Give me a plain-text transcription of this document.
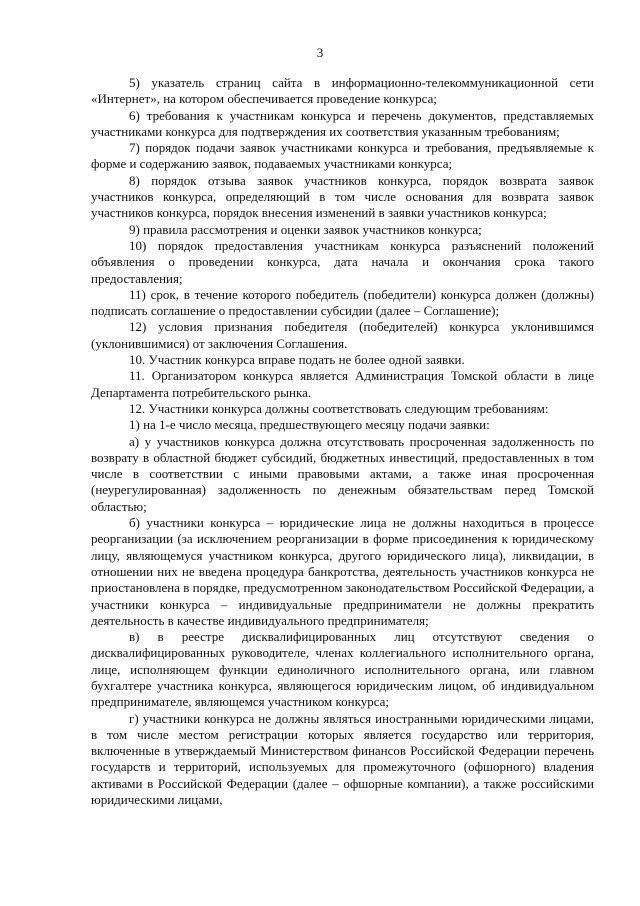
3

5) указатель страниц сайта в информационно-телекоммуникационной сети «Интернет», на котором обеспечивается проведение конкурса;

6) требования к участникам конкурса и перечень документов, представляемых участниками конкурса для подтверждения их соответствия указанным требованиям;

7) порядок подачи заявок участниками конкурса и требования, предъявляемые к форме и содержанию заявок, подаваемых участниками конкурса;

8) порядок отзыва заявок участников конкурса, порядок возврата заявок участников конкурса, определяющий в том числе основания для возврата заявок участников конкурса, порядок внесения изменений в заявки участников конкурса;

9) правила рассмотрения и оценки заявок участников конкурса;

10) порядок предоставления участникам конкурса разъяснений положений объявления о проведении конкурса, дата начала и окончания срока такого предоставления;

11) срок, в течение которого победитель (победители) конкурса должен (должны) подписать соглашение о предоставлении субсидии (далее – Соглашение);

12) условия признания победителя (победителей) конкурса уклонившимся (уклонившимися) от заключения Соглашения.

10. Участник конкурса вправе подать не более одной заявки.

11. Организатором конкурса является Администрация Томской области в лице Департамента потребительского рынка.

12. Участники конкурса должны соответствовать следующим требованиям:

1) на 1-е число месяца, предшествующего месяцу подачи заявки:

а) у участников конкурса должна отсутствовать просроченная задолженность по возврату в областной бюджет субсидий, бюджетных инвестиций, предоставленных в том числе в соответствии с иными правовыми актами, а также иная просроченная (неурегулированная) задолженность по денежным обязательствам перед Томской областью;

б) участники конкурса – юридические лица не должны находиться в процессе реорганизации (за исключением реорганизации в форме присоединения к юридическому лицу, являющемуся участником конкурса, другого юридического лица), ликвидации, в отношении них не введена процедура банкротства, деятельность участников конкурса не приостановлена в порядке, предусмотренном законодательством Российской Федерации, а участники конкурса – индивидуальные предприниматели не должны прекратить деятельность в качестве индивидуального предпринимателя;

в) в реестре дисквалифицированных лиц отсутствуют сведения о дисквалифицированных руководителе, членах коллегиального исполнительного органа, лице, исполняющем функции единоличного исполнительного органа, или главном бухгалтере участника конкурса, являющегося юридическим лицом, об индивидуальном предпринимателе, являющемся участником конкурса;

г) участники конкурса не должны являться иностранными юридическими лицами, в том числе местом регистрации которых является государство или территория, включенные в утверждаемый Министерством финансов Российской Федерации перечень государств и территорий, используемых для промежуточного (офшорного) владения активами в Российской Федерации (далее – офшорные компании), а также российскими юридическими лицами,
